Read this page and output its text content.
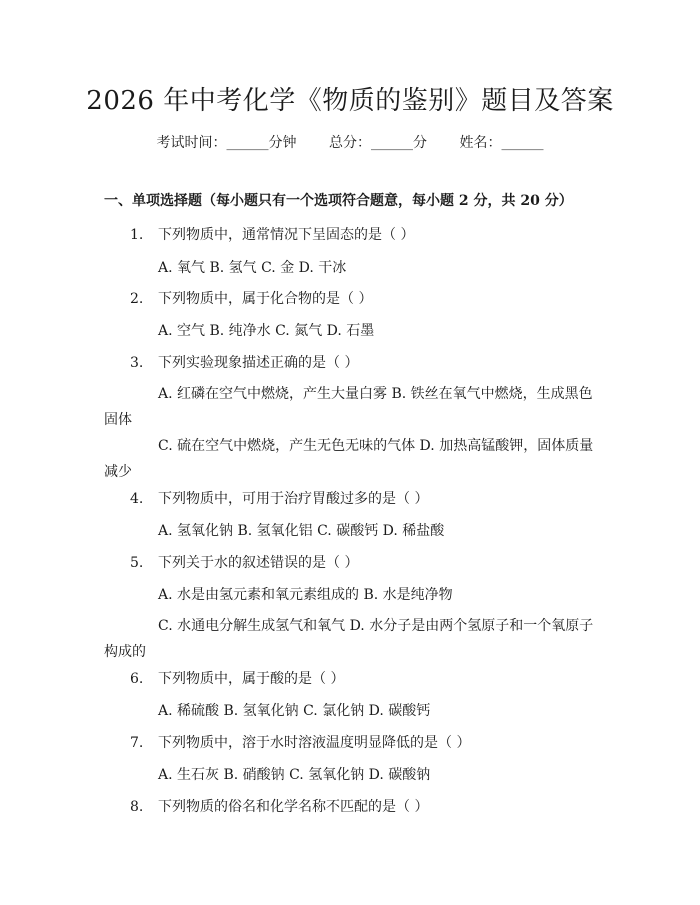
2026 年中考化学《物质的鉴别》题目及答案
考试时间：______分钟 总分：______分 姓名：______
一、单项选择题（每小题只有一个选项符合题意，每小题 2 分，共 20 分）
1. 下列物质中，通常情况下呈固态的是（ ）
A. 氧气 B. 氢气 C. 金 D. 干冰
2. 下列物质中，属于化合物的是（ ）
A. 空气 B. 纯净水 C. 氮气 D. 石墨
3. 下列实验现象描述正确的是（ ）
A. 红磷在空气中燃烧，产生大量白雾 B. 铁丝在氧气中燃烧，生成黑色
固体
C. 硫在空气中燃烧，产生无色无味的气体 D. 加热高锰酸钾，固体质量
减少
4. 下列物质中，可用于治疗胃酸过多的是（ ）
A. 氢氧化钠 B. 氢氧化铝 C. 碳酸钙 D. 稀盐酸
5. 下列关于水的叙述错误的是（ ）
A. 水是由氢元素和氧元素组成的 B. 水是纯净物
C. 水通电分解生成氢气和氧气 D. 水分子是由两个氢原子和一个氧原子
构成的
6. 下列物质中，属于酸的是（ ）
A. 稀硫酸 B. 氢氧化钠 C. 氯化钠 D. 碳酸钙
7. 下列物质中，溶于水时溶液温度明显降低的是（ ）
A. 生石灰 B. 硝酸钠 C. 氢氧化钠 D. 碳酸钠
8. 下列物质的俗名和化学名称不匹配的是（ ）
